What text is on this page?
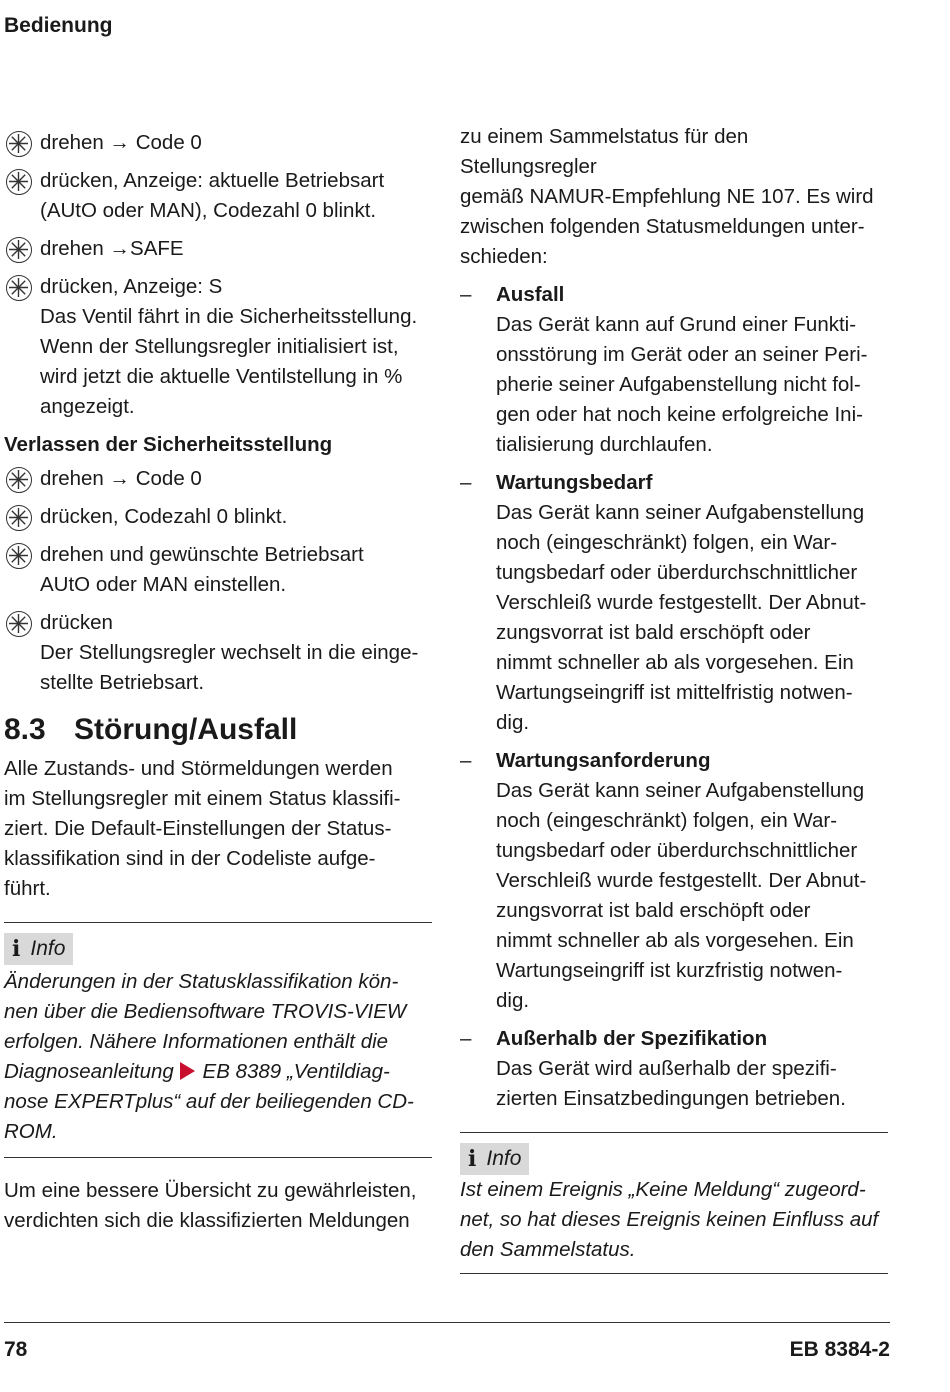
Bedienung
drehen → Code 0
drücken, Anzeige: aktuelle Betriebsart
(AUtO oder MAN), Codezahl 0 blinkt.
drehen →SAFE
drücken, Anzeige: S
Das Ventil fährt in die Sicherheitsstellung.
Wenn der Stellungsregler initialisiert ist,
wird jetzt die aktuelle Ventilstellung in %
angezeigt.
Verlassen der Sicherheitsstellung
drehen → Code 0
drücken, Codezahl 0 blinkt.
drehen und gewünschte Betriebsart
AUtO oder MAN einstellen.
drücken
Der Stellungsregler wechselt in die einge-
stellte Betriebsart.
8.3 Störung/Ausfall
Alle Zustands- und Störmeldungen werden
im Stellungsregler mit einem Status klassifi-
ziert. Die Default-Einstellungen der Status-
klassifikation sind in der Codeliste aufge-
führt.
i Info
Änderungen in der Statusklassifikation kön-
nen über die Bediensoftware TROVIS-VIEW
erfolgen. Nähere Informationen enthält die
Diagnoseanleitung EB 8389 „Ventildiag-
nose EXPERTplus“ auf der beiliegenden CD-
ROM.
Um eine bessere Übersicht zu gewährleisten,
verdichten sich die klassifizierten Meldungen
zu einem Sammelstatus für den Stellungsregler
gemäß NAMUR-Empfehlung NE 107. Es wird
zwischen folgenden Statusmeldungen unter-
schieden:
– Ausfall
Das Gerät kann auf Grund einer Funkti-
onsstörung im Gerät oder an seiner Peri-
pherie seiner Aufgabenstellung nicht fol-
gen oder hat noch keine erfolgreiche Ini-
tialisierung durchlaufen.
– Wartungsbedarf
Das Gerät kann seiner Aufgabenstellung
noch (eingeschränkt) folgen, ein War-
tungsbedarf oder überdurchschnittlicher
Verschleiß wurde festgestellt. Der Abnut-
zungsvorrat ist bald erschöpft oder
nimmt schneller ab als vorgesehen. Ein
Wartungseingriff ist mittelfristig notwen-
dig.
– Wartungsanforderung
Das Gerät kann seiner Aufgabenstellung
noch (eingeschränkt) folgen, ein War-
tungsbedarf oder überdurchschnittlicher
Verschleiß wurde festgestellt. Der Abnut-
zungsvorrat ist bald erschöpft oder
nimmt schneller ab als vorgesehen. Ein
Wartungseingriff ist kurzfristig notwen-
dig.
– Außerhalb der Spezifikation
Das Gerät wird außerhalb der spezifi-
zierten Einsatzbedingungen betrieben.
i Info
Ist einem Ereignis „Keine Meldung“ zugeord-
net, so hat dieses Ereignis keinen Einfluss auf
den Sammelstatus.
78	EB 8384-2
